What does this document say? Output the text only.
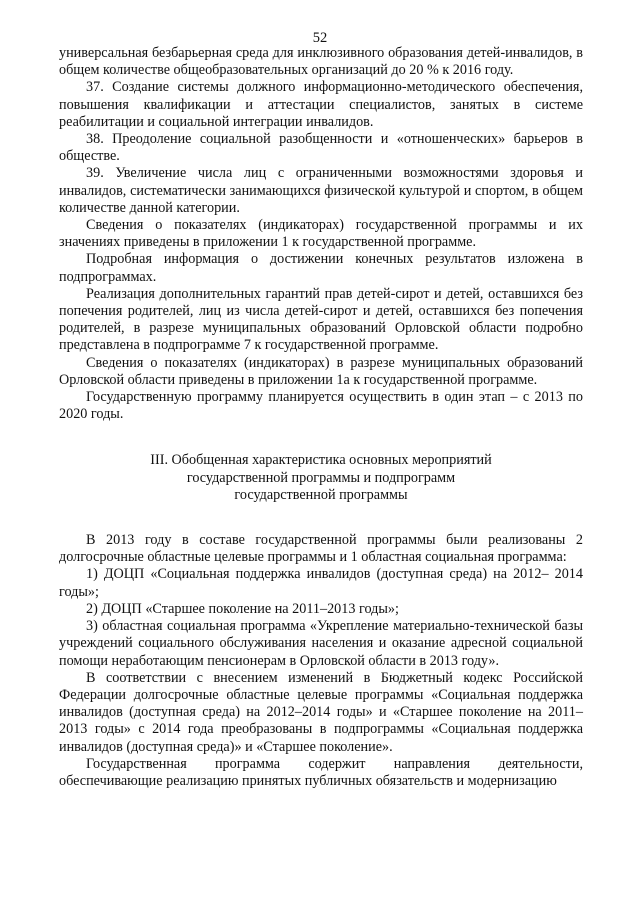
52

универсальная безбарьерная среда для инклюзивного образования детей-инвалидов, в общем количестве общеобразовательных организаций до 20 % к 2016 году.

37. Создание системы должного информационно-методического обеспечения, повышения квалификации и аттестации специалистов, занятых в системе реабилитации и социальной интеграции инвалидов.

38. Преодоление социальной разобщенности и «отношенческих» барьеров в обществе.

39. Увеличение числа лиц с ограниченными возможностями здоровья и инвалидов, систематически занимающихся физической культурой и спортом, в общем количестве данной категории.

Сведения о показателях (индикаторах) государственной программы и их значениях приведены в приложении 1 к государственной программе.

Подробная информация о достижении конечных результатов изложена в подпрограммах.

Реализация дополнительных гарантий прав детей-сирот и детей, оставшихся без попечения родителей, лиц из числа детей-сирот и детей, оставшихся без попечения родителей, в разрезе муниципальных образований Орловской области подробно представлена в подпрограмме 7 к государственной программе.

Сведения о показателях (индикаторах) в разрезе муниципальных образований Орловской области приведены в приложении 1а к государственной программе.

Государственную программу планируется осуществить в один этап – с 2013 по 2020 годы.

III. Обобщенная характеристика основных мероприятий
государственной программы и подпрограмм
государственной программы

В 2013 году в составе государственной программы были реализованы 2 долгосрочные областные целевые программы и 1 областная социальная программа:

1) ДОЦП «Социальная поддержка инвалидов (доступная среда) на 2012– 2014 годы»;

2) ДОЦП «Старшее поколение на 2011–2013 годы»;

3) областная социальная программа «Укрепление материально-технической базы учреждений социального обслуживания населения и оказание адресной социальной помощи неработающим пенсионерам в Орловской области в 2013 году».

В соответствии с внесением изменений в Бюджетный кодекс Российской Федерации долгосрочные областные целевые программы «Социальная поддержка инвалидов (доступная среда) на 2012–2014 годы» и «Старшее поколение на 2011–2013 годы» с 2014 года преобразованы в подпрограммы «Социальная поддержка инвалидов (доступная среда)» и «Старшее поколение».

Государственная программа содержит направления деятельности, обеспечивающие реализацию принятых публичных обязательств и модернизацию
